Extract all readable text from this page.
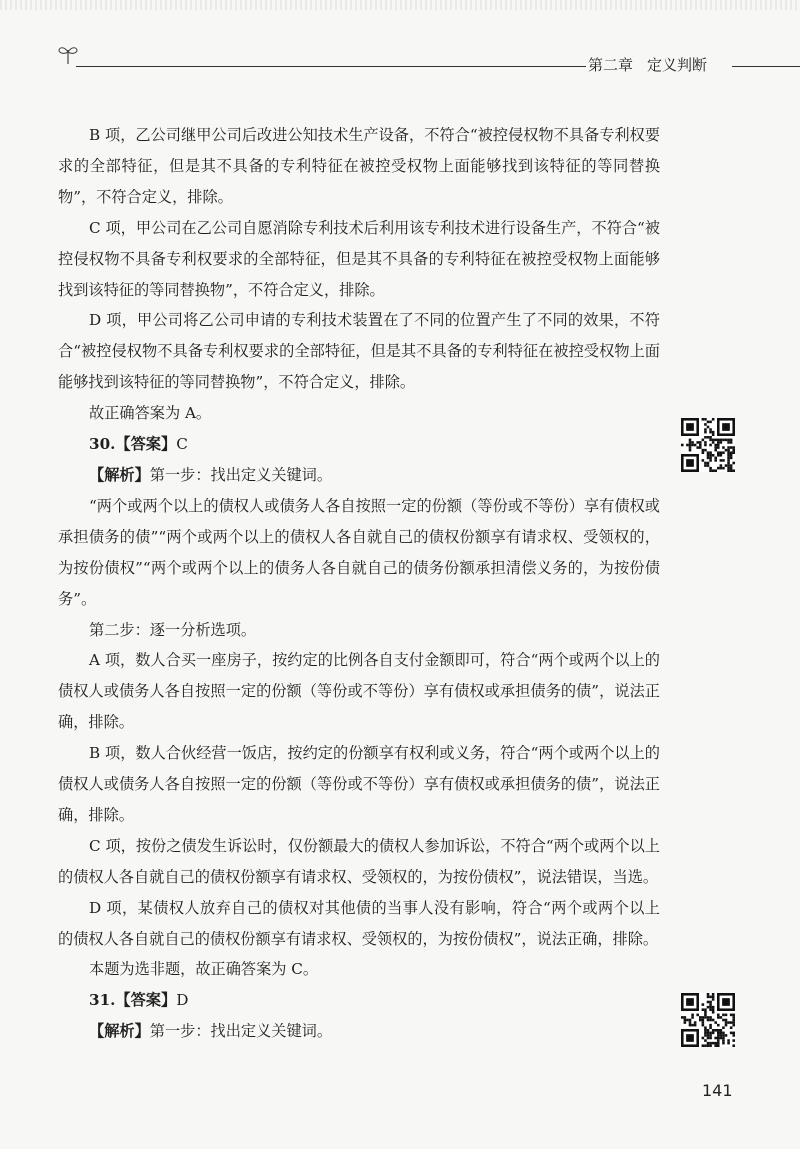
第二章 定义判断

B 项，乙公司继甲公司后改进公知技术生产设备，不符合“被控侵权物不具备专利权要求的全部特征，但是其不具备的专利特征在被控受权物上面能够找到该特征的等同替换物”，不符合定义，排除。

C 项，甲公司在乙公司自愿消除专利技术后利用该专利技术进行设备生产，不符合“被控侵权物不具备专利权要求的全部特征，但是其不具备的专利特征在被控受权物上面能够找到该特征的等同替换物”，不符合定义，排除。

D 项，甲公司将乙公司申请的专利技术装置在了不同的位置产生了不同的效果，不符合“被控侵权物不具备专利权要求的全部特征，但是其不具备的专利特征在被控受权物上面能够找到该特征的等同替换物”，不符合定义，排除。

故正确答案为 A。

30.【答案】C

【解析】第一步：找出定义关键词。

“两个或两个以上的债权人或债务人各自按照一定的份额（等份或不等份）享有债权或承担债务的债”“两个或两个以上的债权人各自就自己的债权份额享有请求权、受领权的，为按份债权”“两个或两个以上的债务人各自就自己的债务份额承担清偿义务的，为按份债务”。

第二步：逐一分析选项。

A 项，数人合买一座房子，按约定的比例各自支付金额即可，符合“两个或两个以上的债权人或债务人各自按照一定的份额（等份或不等份）享有债权或承担债务的债”，说法正确，排除。

B 项，数人合伙经营一饭店，按约定的份额享有权利或义务，符合“两个或两个以上的债权人或债务人各自按照一定的份额（等份或不等份）享有债权或承担债务的债”，说法正确，排除。

C 项，按份之债发生诉讼时，仅份额最大的债权人参加诉讼，不符合“两个或两个以上的债权人各自就自己的债权份额享有请求权、受领权的，为按份债权”，说法错误，当选。

D 项，某债权人放弃自己的债权对其他债的当事人没有影响，符合“两个或两个以上的债权人各自就自己的债权份额享有请求权、受领权的，为按份债权”，说法正确，排除。

本题为选非题，故正确答案为 C。

31.【答案】D

【解析】第一步：找出定义关键词。

141
